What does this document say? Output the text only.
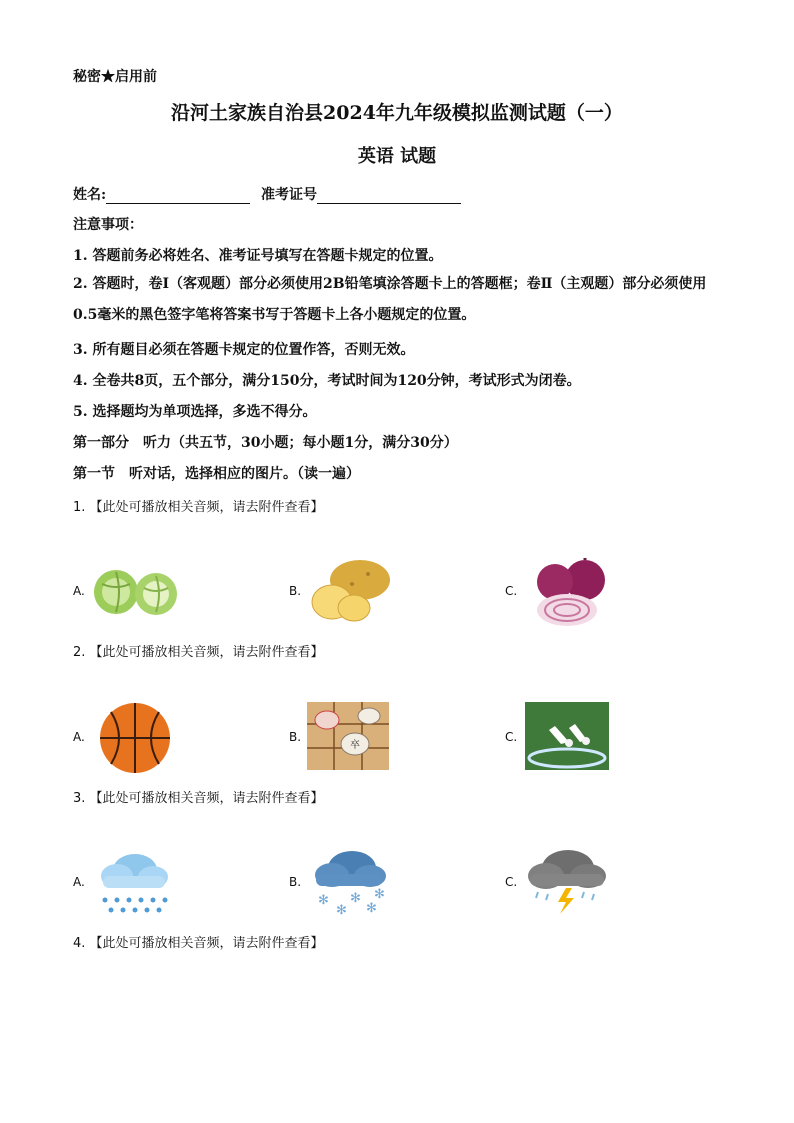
秘密★启用前
沿河土家族自治县2024年九年级模拟监测试题（一）
英语 试题
姓名:	准考证号
注意事项：
1. 答题前务必将姓名、准考证号填写在答题卡规定的位置。
2. 答题时，卷Ⅰ（客观题）部分必须使用2B铅笔填涂答题卡上的答题框；卷Ⅱ（主观题）部分必须使用0.5毫米的黑色签字笔将答案书写于答题卡上各小题规定的位置。
3. 所有题目必须在答题卡规定的位置作答，否则无效。
4. 全卷共8页，五个部分，满分150分，考试时间为120分钟，考试形式为闭卷。
5. 选择题均为单项选择，多选不得分。
第一部分　听力（共五节，30小题；每小题1分，满分30分）
第一节　听对话，选择相应的图片。（读一遍）
1. 【此处可播放相关音频，请去附件查看】
A.	B.	C.
2. 【此处可播放相关音频，请去附件查看】
A.	B.	C.
卒
3. 【此处可播放相关音频，请去附件查看】
A.	B.	C.
✻
✻
✻
✻
✻
4. 【此处可播放相关音频，请去附件查看】
